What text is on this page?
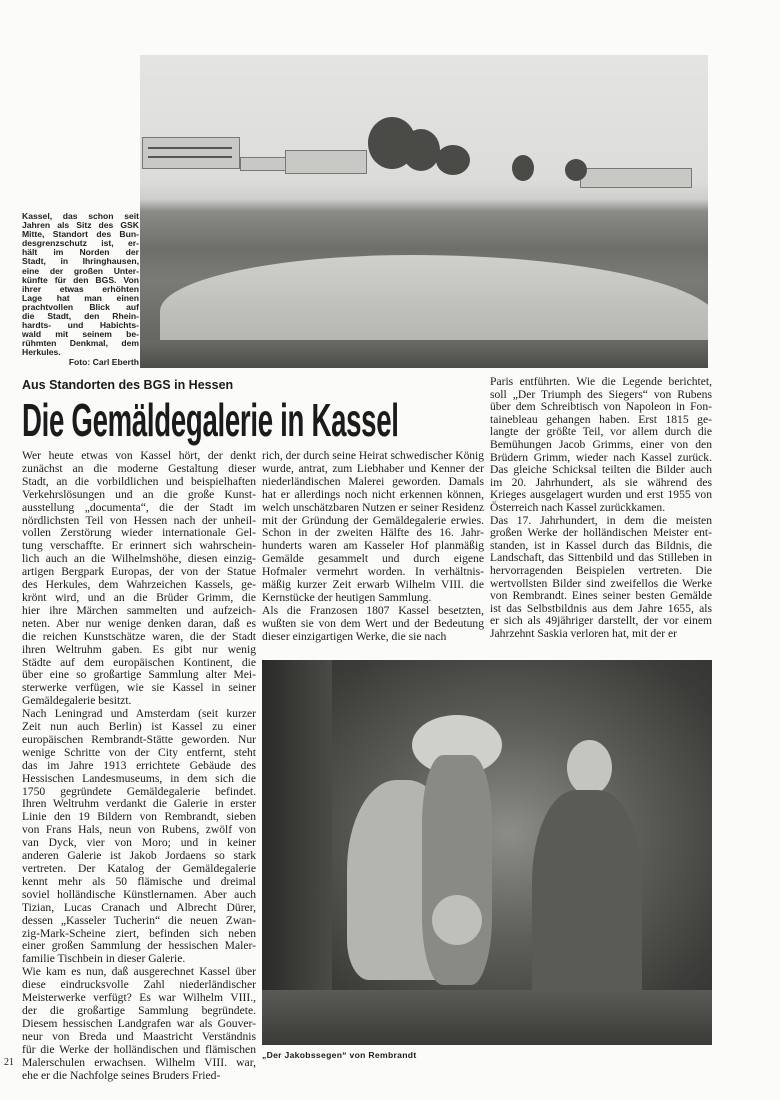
Kassel, das schon seit
Jahren als Sitz des GSK
Mitte, Standort des Bun-
desgrenzschutz ist, er-
hält im Norden der
Stadt, in Ihringhausen,
eine der großen Unter-
künfte für den BGS. Von
ihrer etwas erhöhten
Lage hat man einen
prachtvollen Blick auf
die Stadt, den Rhein-
hardts- und Habichts-
wald mit seinem be-
rühmten Denkmal, dem
Herkules.
Foto: Carl Eberth
Aus Standorten des BGS in Hessen
Die Gemäldegalerie in Kassel
Wer heute etwas von Kassel hört, der denkt
zunächst an die moderne Gestaltung dieser
Stadt, an die vorbildlichen und beispielhaften
Verkehrslösungen und an die große Kunst-
ausstellung „documenta“, die der Stadt im
nördlichsten Teil von Hessen nach der unheil-
vollen Zerstörung wieder internationale Gel-
tung verschaffte. Er erinnert sich wahrschein-
lich auch an die Wilhelmshöhe, diesen einzig-
artigen Bergpark Europas, der von der Statue
des Herkules, dem Wahrzeichen Kassels, ge-
krönt wird, und an die Brüder Grimm, die
hier ihre Märchen sammelten und aufzeich-
neten. Aber nur wenige denken daran, daß es
die reichen Kunstschätze waren, die der Stadt
ihren Weltruhm gaben. Es gibt nur wenig
Städte auf dem europäischen Kontinent, die
über eine so großartige Sammlung alter Mei-
sterwerke verfügen, wie sie Kassel in seiner
Gemäldegalerie besitzt.
Nach Leningrad und Amsterdam (seit kurzer
Zeit nun auch Berlin) ist Kassel zu einer
europäischen Rembrandt-Stätte geworden. Nur
wenige Schritte von der City entfernt, steht
das im Jahre 1913 errichtete Gebäude des
Hessischen Landesmuseums, in dem sich die
1750 gegründete Gemäldegalerie befindet.
Ihren Weltruhm verdankt die Galerie in erster
Linie den 19 Bildern von Rembrandt, sieben
von Frans Hals, neun von Rubens, zwölf von
van Dyck, vier von Moro; und in keiner
anderen Galerie ist Jakob Jordaens so stark
vertreten. Der Katalog der Gemäldegalerie
kennt mehr als 50 flämische und dreimal
soviel holländische Künstlernamen. Aber auch
Tizian, Lucas Cranach und Albrecht Dürer,
dessen „Kasseler Tucherin“ die neuen Zwan-
zig-Mark-Scheine ziert, befinden sich neben
einer großen Sammlung der hessischen Maler-
familie Tischbein in dieser Galerie.
Wie kam es nun, daß ausgerechnet Kassel über
diese eindrucksvolle Zahl niederländischer
Meisterwerke verfügt? Es war Wilhelm VIII.,
der die großartige Sammlung begründete.
Diesem hessischen Landgrafen war als Gouver-
neur von Breda und Maastricht Verständnis
für die Werke der holländischen und flämischen
Malerschulen erwachsen. Wilhelm VIII. war,
ehe er die Nachfolge seines Bruders Fried-
rich, der durch seine Heirat schwedischer König
wurde, antrat, zum Liebhaber und Kenner der
niederländischen Malerei geworden. Damals
hat er allerdings noch nicht erkennen können,
welch unschätzbaren Nutzen er seiner Residenz
mit der Gründung der Gemäldegalerie erwies.
Schon in der zweiten Hälfte des 16. Jahr-
hunderts waren am Kasseler Hof planmäßig
Gemälde gesammelt und durch eigene
Hofmaler vermehrt worden. In verhältnis-
mäßig kurzer Zeit erwarb Wilhelm VIII. die
Kernstücke der heutigen Sammlung.
Als die Franzosen 1807 Kassel besetzten,
wußten sie von dem Wert und der Bedeutung
dieser einzigartigen Werke, die sie nach
Paris entführten. Wie die Legende berichtet,
soll „Der Triumph des Siegers“ von Rubens
über dem Schreibtisch von Napoleon in Fon-
tainebleau gehangen haben. Erst 1815 ge-
langte der größte Teil, vor allem durch die
Bemühungen Jacob Grimms, einer von den
Brüdern Grimm, wieder nach Kassel zurück.
Das gleiche Schicksal teilten die Bilder auch
im 20. Jahrhundert, als sie während des
Krieges ausgelagert wurden und erst 1955 von
Österreich nach Kassel zurückkamen.
Das 17. Jahrhundert, in dem die meisten
großen Werke der holländischen Meister ent-
standen, ist in Kassel durch das Bildnis, die
Landschaft, das Sittenbild und das Stilleben in
hervorragenden Beispielen vertreten. Die
wertvollsten Bilder sind zweifellos die Werke
von Rembrandt. Eines seiner besten Gemälde
ist das Selbstbildnis aus dem Jahre 1655, als
er sich als 49jähriger darstellt, der vor einem
Jahrzehnt Saskia verloren hat, mit der er
„Der Jakobssegen“ von Rembrandt
21
